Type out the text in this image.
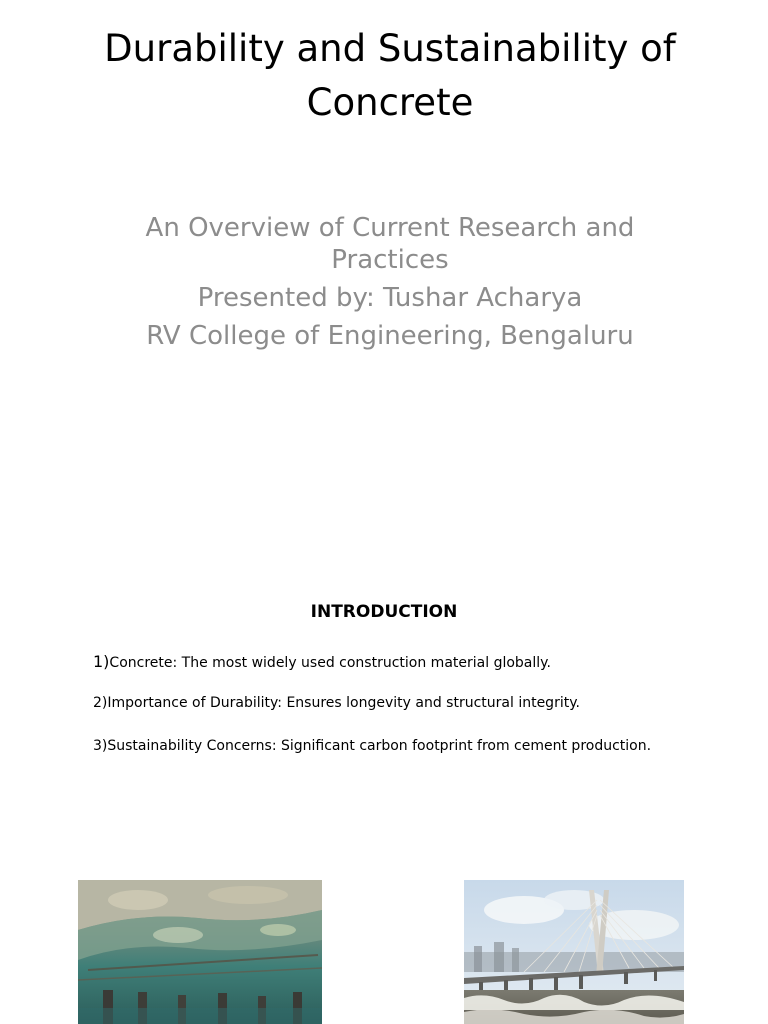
Durability and Sustainability of Concrete
An Overview of Current Research and Practices
Presented by: Tushar Acharya
RV College of Engineering, Bengaluru
INTRODUCTION
1)Concrete: The most widely used construction material globally.
2)Importance of Durability: Ensures longevity and structural integrity.
3)Sustainability Concerns: Significant carbon footprint from cement production.
